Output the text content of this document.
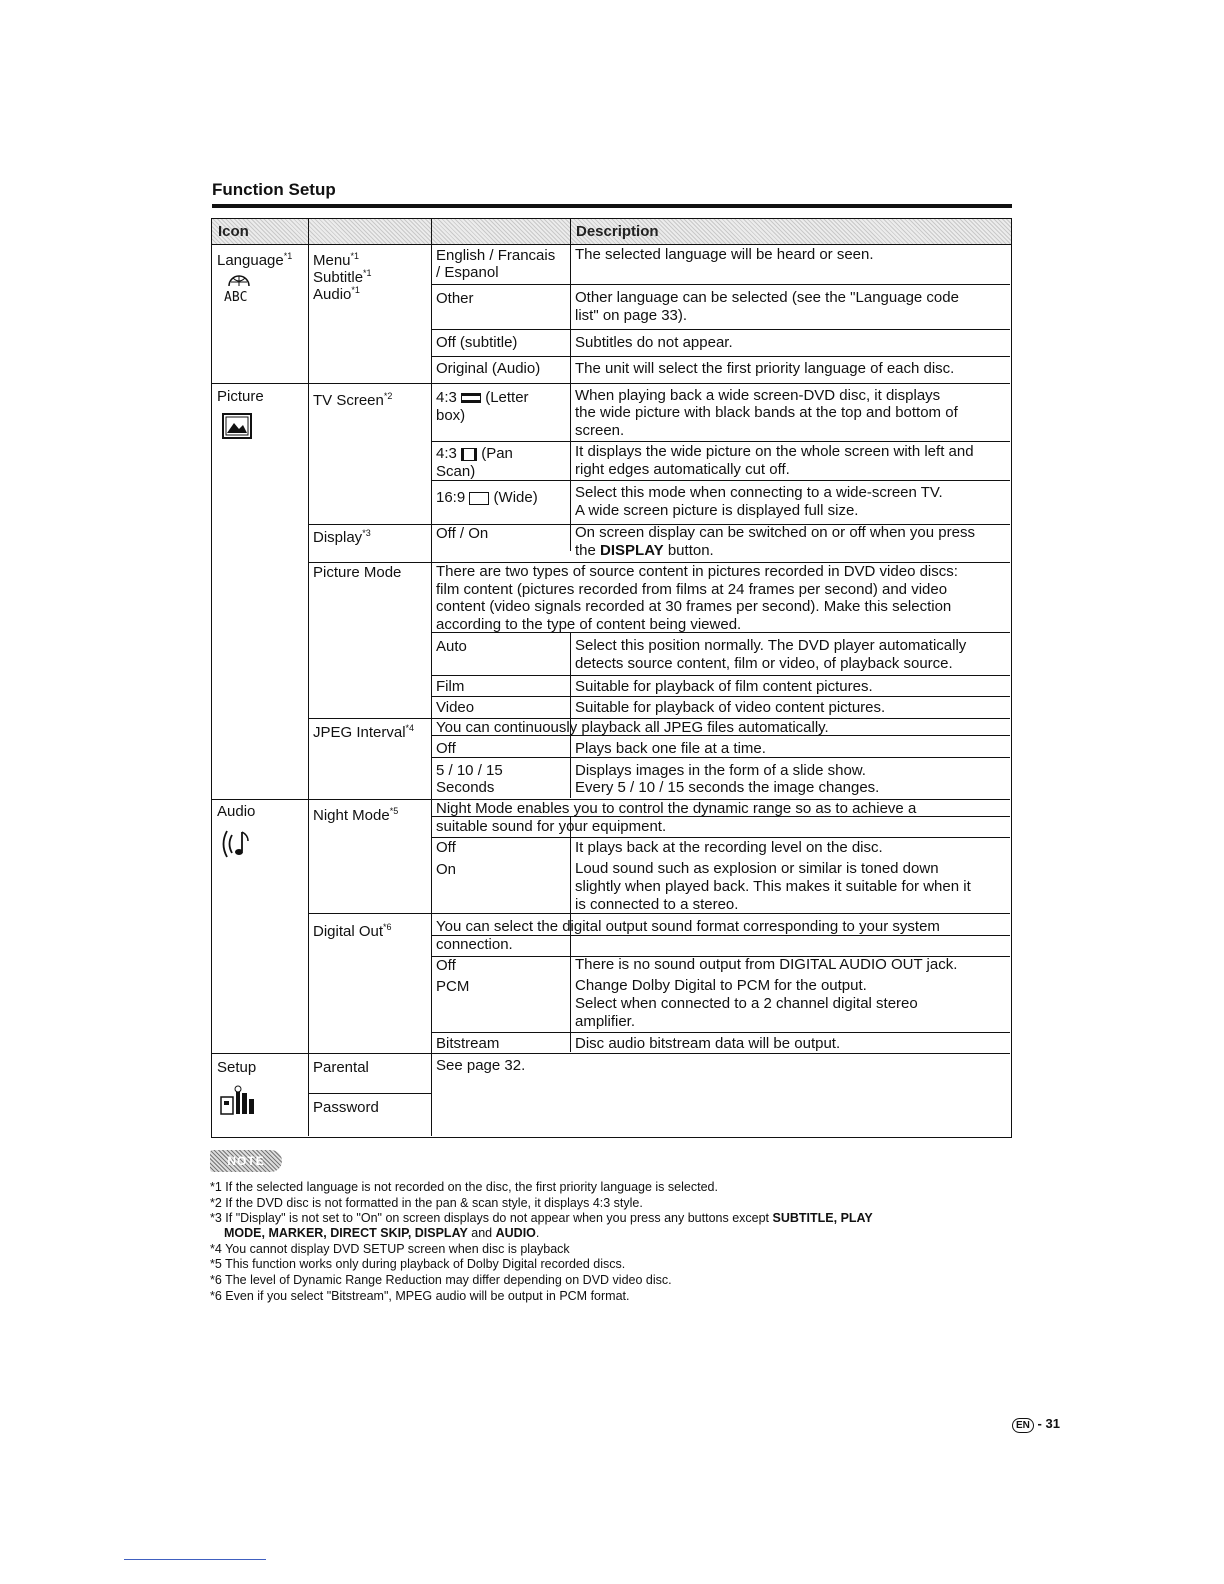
Function Setup
Icon	Description
Language$^{*1}$
ABC
Picture
Audio
Setup
Menu$^{*1}$
Subtitle$^{*1}$
Audio$^{*1}$
TV Screen$^{*2}$
Display$^{*3}$
Picture Mode
JPEG Interval$^{*4}$
Night Mode$^{*5}$
Digital Out$^{*6}$
Parental
Password
English / Francais
/ Espanol
Other
Off (subtitle)
Original (Audio)
4:3 (Letter
box)
4:3 (Pan
Scan)
16:9 (Wide)
Off / On
There are two types of source content in pictures recorded in DVD video discs:
film content (pictures recorded from films at 24 frames per second) and video
content (video signals recorded at 30 frames per second). Make this selection
according to the type of content being viewed.
Auto
Film
Video
You can continuously playback all JPEG files automatically.
Off
5 / 10 / 15
Seconds
Night Mode enables you to control the dynamic range so as to achieve a
suitable sound for your equipment.
Off
On
You can select the digital output sound format corresponding to your system
connection.
Off
PCM
Bitstream
See page 32.
The selected language will be heard or seen.
Other language can be selected (see the "Language code
list" on page 33).
Subtitles do not appear.
The unit will select the first priority language of each disc.
When playing back a wide screen-DVD disc, it displays
the wide picture with black bands at the top and bottom of
screen.
It displays the wide picture on the whole screen with left and
right edges automatically cut off.
Select this mode when connecting to a wide-screen TV.
A wide screen picture is displayed full size.
On screen display can be switched on or off when you press
the DISPLAY button.
Select this position normally. The DVD player automatically
detects source content, film or video, of playback source.
Suitable for playback of film content pictures.
Suitable for playback of video content pictures.
Plays back one file at a time.
Displays images in the form of a slide show.
Every 5 / 10 / 15 seconds the image changes.
It plays back at the recording level on the disc.
Loud sound such as explosion or similar is toned down
slightly when played back. This makes it suitable for when it
is connected to a stereo.
There is no sound output from DIGITAL AUDIO OUT jack.
Change Dolby Digital to PCM for the output.
Select when connected to a 2 channel digital stereo
amplifier.
Disc audio bitstream data will be output.
NOTE
*1 If the selected language is not recorded on the disc, the first priority language is selected.
*2 If the DVD disc is not formatted in the pan & scan style, it displays 4:3 style.
*3 If "Display" is not set to "On" on screen displays do not appear when you press any buttons except SUBTITLE, PLAY
MODE, MARKER, DIRECT SKIP, DISPLAY and AUDIO.
*4 You cannot display DVD SETUP screen when disc is playback
*5 This function works only during playback of Dolby Digital recorded discs.
*6 The level of Dynamic Range Reduction may differ depending on DVD video disc.
*6 Even if you select "Bitstream", MPEG audio will be output in PCM format.
EN - 31
